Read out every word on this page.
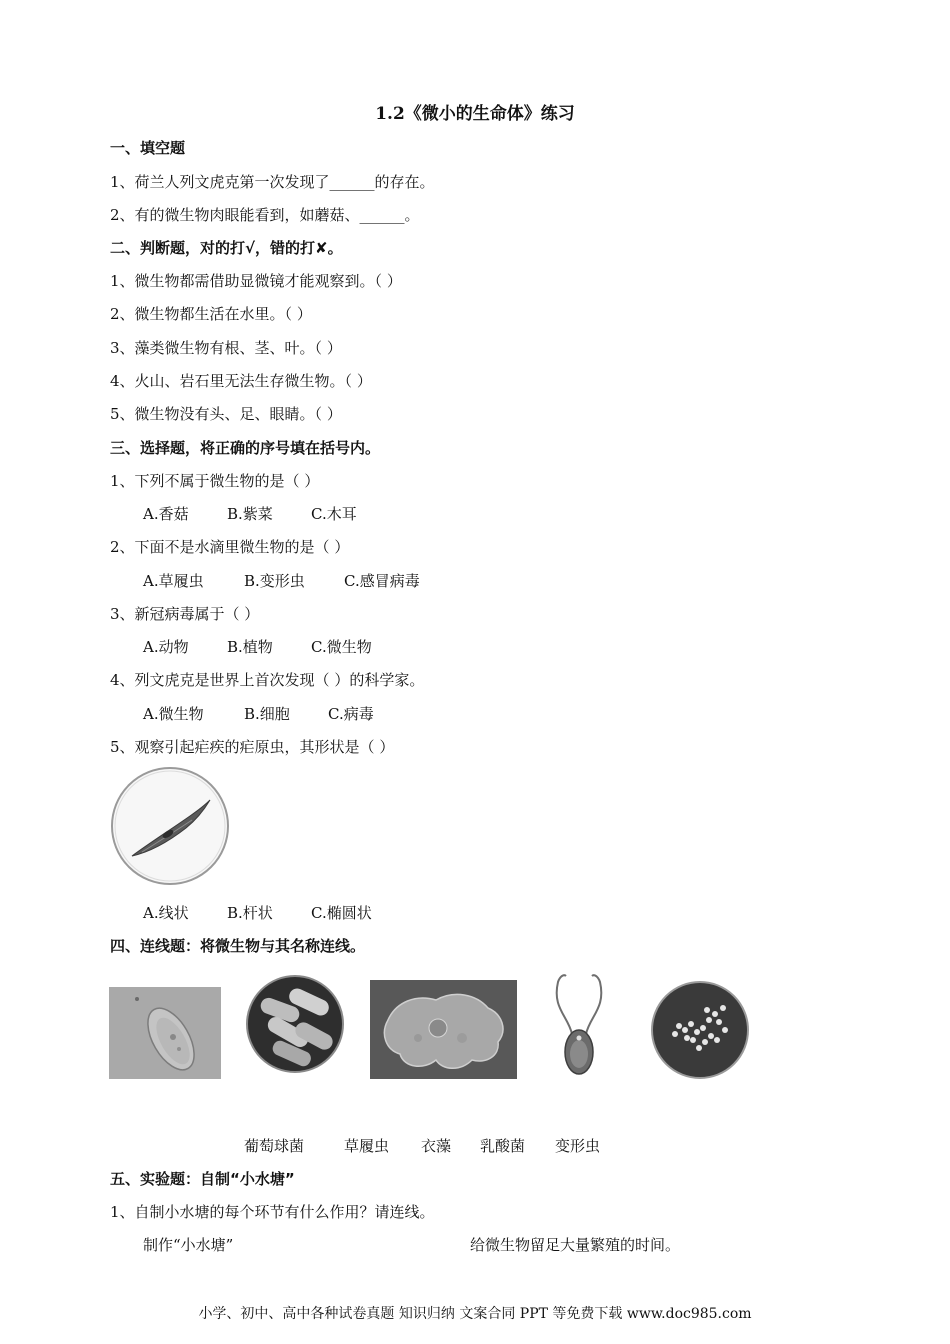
1.2《微小的生命体》练习
一、填空题
1、荷兰人列文虎克第一次发现了______的存在。
2、有的微生物肉眼能看到，如蘑菇、______。
二、判断题，对的打√，错的打✘。
1、微生物都需借助显微镜才能观察到。（ ）
2、微生物都生活在水里。（ ）
3、藻类微生物有根、茎、叶。（ ）
4、火山、岩石里无法生存微生物。（ ）
5、微生物没有头、足、眼睛。（ ）
三、选择题，将正确的序号填在括号内。
1、下列不属于微生物的是（ ）
A.香菇	B.紫菜	C.木耳
2、下面不是水滴里微生物的是（ ）
A.草履虫	B.变形虫	C.感冒病毒
3、新冠病毒属于（ ）
A.动物	B.植物	C.微生物
4、列文虎克是世界上首次发现（ ）的科学家。
A.微生物	B.细胞	C.病毒
5、观察引起疟疾的疟原虫，其形状是（ ）
A.线状	B.杆状	C.椭圆状
四、连线题：将微生物与其名称连线。
葡萄球菌	草履虫 衣藻 乳酸菌 变形虫
五、实验题：自制“小水塘”
1、自制小水塘的每个环节有什么作用？请连线。
制作“小水塘”	给微生物留足大量繁殖的时间。
小学、初中、高中各种试卷真题 知识归纳 文案合同 PPT 等免费下载 www.doc985.com
